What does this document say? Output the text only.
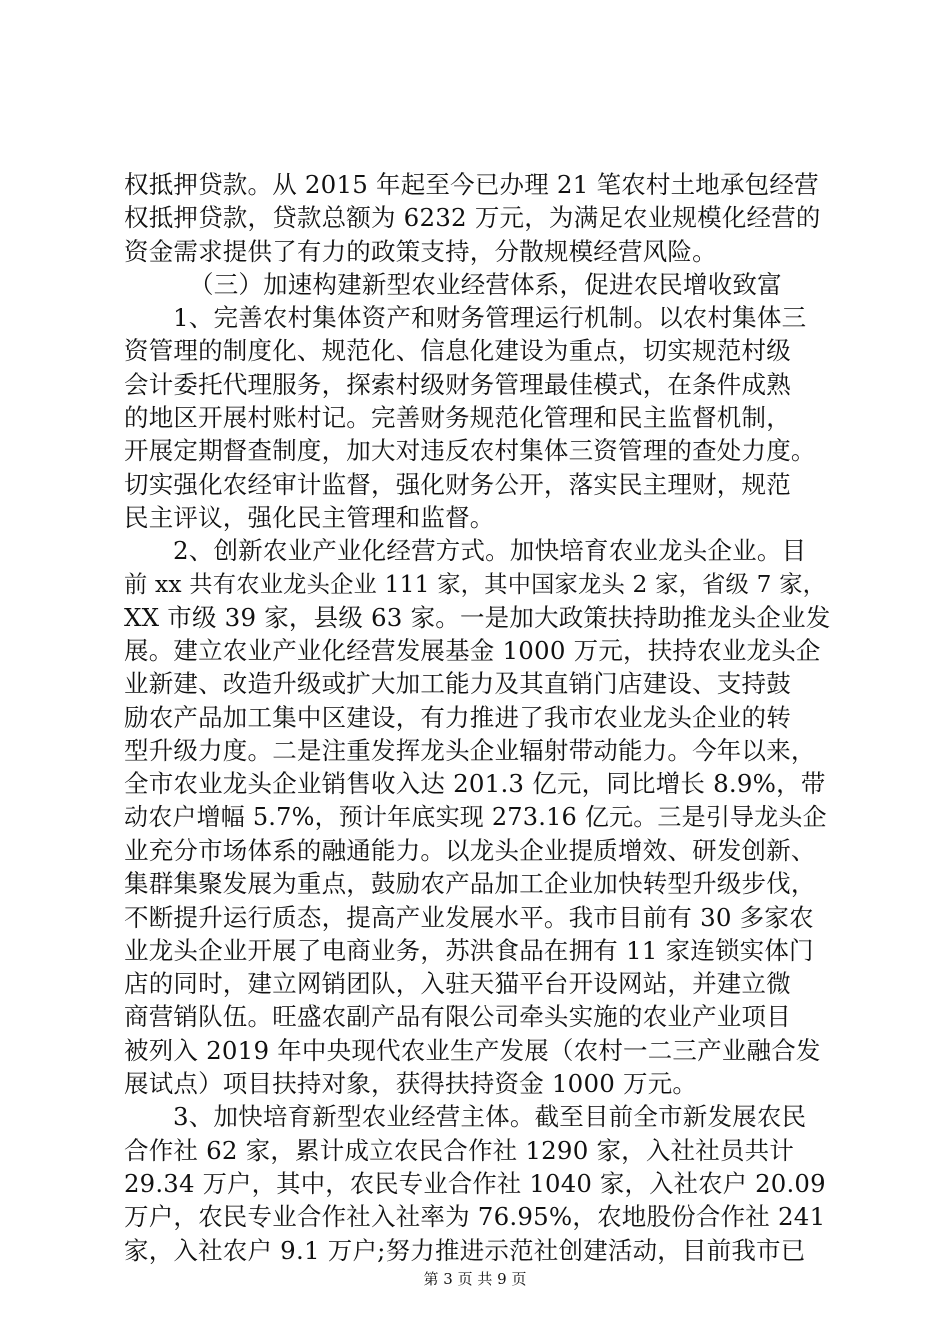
权抵押贷款。从 2015 年起至今已办理 21 笔农村土地承包经营
权抵押贷款，贷款总额为 6232 万元，为满足农业规模化经营的
资金需求提供了有力的政策支持，分散规模经营风险。
（三）加速构建新型农业经营体系，促进农民增收致富
1、完善农村集体资产和财务管理运行机制。以农村集体三
资管理的制度化、规范化、信息化建设为重点，切实规范村级
会计委托代理服务，探索村级财务管理最佳模式，在条件成熟
的地区开展村账村记。完善财务规范化管理和民主监督机制，
开展定期督查制度，加大对违反农村集体三资管理的查处力度。
切实强化农经审计监督，强化财务公开，落实民主理财，规范
民主评议，强化民主管理和监督。
2、创新农业产业化经营方式。加快培育农业龙头企业。目
前 xx 共有农业龙头企业 111 家，其中国家龙头 2 家，省级 7 家，
XX 市级 39 家，县级 63 家。一是加大政策扶持助推龙头企业发
展。建立农业产业化经营发展基金 1000 万元，扶持农业龙头企
业新建、改造升级或扩大加工能力及其直销门店建设、支持鼓
励农产品加工集中区建设，有力推进了我市农业龙头企业的转
型升级力度。二是注重发挥龙头企业辐射带动能力。今年以来，
全市农业龙头企业销售收入达 201.3 亿元，同比增长 8.9%，带
动农户增幅 5.7%，预计年底实现 273.16 亿元。三是引导龙头企
业充分市场体系的融通能力。以龙头企业提质增效、研发创新、
集群集聚发展为重点，鼓励农产品加工企业加快转型升级步伐，
不断提升运行质态，提高产业发展水平。我市目前有 30 多家农
业龙头企业开展了电商业务，苏洪食品在拥有 11 家连锁实体门
店的同时，建立网销团队，入驻天猫平台开设网站，并建立微
商营销队伍。旺盛农副产品有限公司牵头实施的农业产业项目
被列入 2019 年中央现代农业生产发展（农村一二三产业融合发
展试点）项目扶持对象，获得扶持资金 1000 万元。
3、加快培育新型农业经营主体。截至目前全市新发展农民
合作社 62 家，累计成立农民合作社 1290 家，入社社员共计
29.34 万户，其中，农民专业合作社 1040 家，入社农户 20.09
万户，农民专业合作社入社率为 76.95%，农地股份合作社 241
家，入社农户 9.1 万户;努力推进示范社创建活动，目前我市已
第 3 页 共 9 页
